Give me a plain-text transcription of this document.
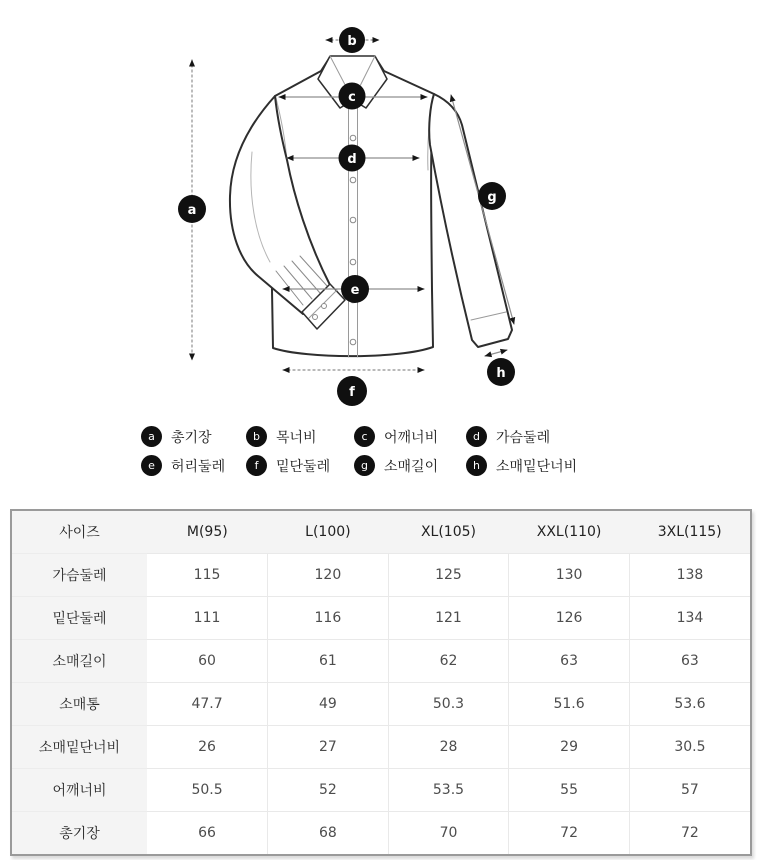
a
b
c
d
e
f
g
h
a	총기장	b	목너비	c	어깨너비	d	가슴둘레
e	허리둘레	f	밑단둘레	g	소매길이	h	소매밑단너비
사이즈	M(95)	L(100)	XL(105)	XXL(110)	3XL(115)
가슴둘레	115	120	125	130	138
밑단둘레	111	116	121	126	134
소매길이	60	61	62	63	63
소매통	47.7	49	50.3	51.6	53.6
소매밑단너비	26	27	28	29	30.5
어깨너비	50.5	52	53.5	55	57
총기장	66	68	70	72	72
